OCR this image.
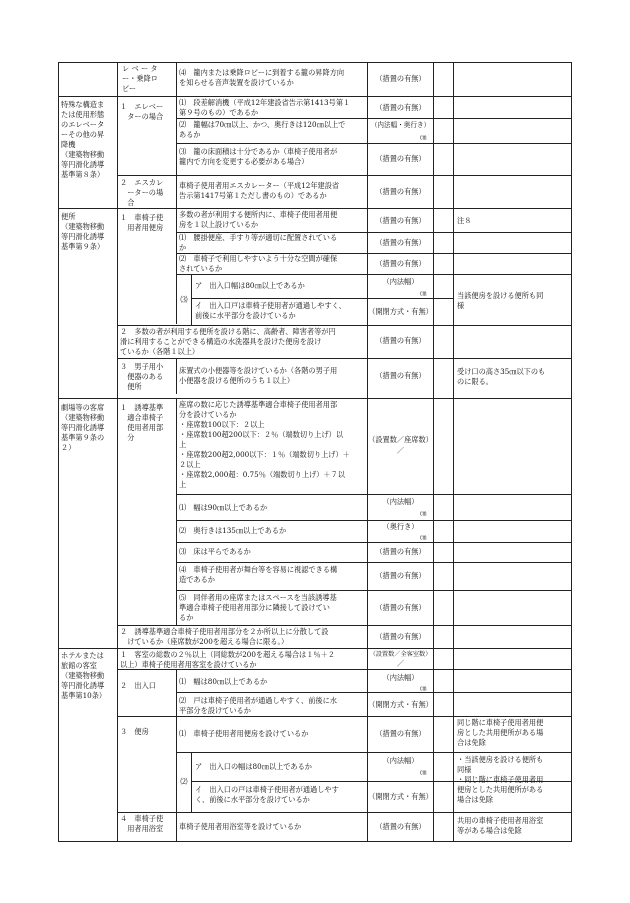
特殊な構造ま
たは使用形態
のエレベータ
ーその他の昇
降機
（建築物移動
等円滑化誘導
基準第８条）
便所
（建築物移動
等円滑化誘導
基準第９条）
劇場等の客席
（建築物移動
等円滑化誘導
基準第９条の
２）
ホテルまたは
旅館の客室
（建築物移動
等円滑化誘導
基準第10条）
レ ベ ー タ
ー・乗降ロ
ビー
１　エレベー
　ターの場合
２　エスカレ
　ーターの場
　合
１　車椅子使
　用者用便房
２　多数の者が利用する便所を設ける階に、高齢者、障害者等が円
滑に利用することができる構造の水洗器具を設けた便房を設け
ているか（各階１以上）
３　男子用小
　便器のある
　便所
１　誘導基準
　適合車椅子
　使用者用部
　分
２　誘導基準適合車椅子使用者用部分を２か所以上に分散して設
　けているか（座席数が200を超える場合に限る。）
１　客室の総数の２％以上（同総数が200を超える場合は１％＋２
以上）車椅子使用者用客室を設けているか
２　出入口
３　便房
４　車椅子使
　用者用浴室
⑷　籠内または乗降ロビーに到着する籠の昇降方向
を知らせる音声装置を設けているか
⑴　段差解消機（平成12年建設省告示第1413号第１
第９号のもの）であるか
⑵　籠幅は70㎝以上、かつ、奥行きは120㎝以上で
あるか
⑶　籠の床面積は十分であるか（車椅子使用者が
籠内で方向を変更する必要がある場合）
車椅子使用者用エスカレーター（平成12年建設省
告示第1417号第１ただし書のもの）であるか
多数の者が利用する便所内に、車椅子使用者用便
房を１以上設けているか
⑴　腰掛便座、手すり等が適切に配置されている
か
⑵　車椅子で利用しやすいよう十分な空間が確保
されているか
⑶
ア　出入口幅は80㎝以上であるか
イ　出入口戸は車椅子使用者が通過しやすく、
前後に水平部分を設けているか
床置式の小便器等を設けているか（各階の男子用
小便器を設ける便所のうち１以上）
座席の数に応じた誘導基準適合車椅子使用者用部
分を設けているか
・座席数100以下：２以上
・座席数100超200以下：２％（端数切り上げ）以
上
・座席数200超2,000以下：１％（端数切り上げ）＋
２以上
・座席数2,000超：0.75％（端数切り上げ）＋７以
上
⑴　幅は90㎝以上であるか
⑵　奥行きは135㎝以上であるか
⑶　床は平らであるか
⑷　車椅子使用者が舞台等を容易に視認できる構
造であるか
⑸　同伴者用の座席またはスペースを当該誘導基
準適合車椅子使用者用部分に隣接して設けてい
るか
⑴　幅は80㎝以上であるか
⑵　戸は車椅子使用者が通過しやすく、前後に水
平部分を設けているか
⑴　車椅子使用者用便房を設けているか
⑵
ア　出入口の幅は80㎝以上であるか
イ　出入口の戸は車椅子使用者が通過しやす
く、前後に水平部分を設けているか
車椅子使用者用浴室等を設けているか
（措置の有無）
（措置の有無）
（内法幅・奥行き）
㎝
（措置の有無）
（措置の有無）
（措置の有無）
（措置の有無）
（措置の有無）
（内法幅）
㎝
（開閉方式・有無）
（措置の有無）
（措置の有無）
（設置数／座席数）
／
（内法幅）
㎝
（奥行き）
㎝
（措置の有無）
（措置の有無）
（措置の有無）
（措置の有無）
（設置数／全客室数）
／
（内法幅）
㎝
（開閉方式・有無）
（措置の有無）
（内法幅）
㎝
（開閉方式・有無）
（措置の有無）
注８
当該便房を設ける便所も同
様
受け口の高さ35㎝以下のも
のに限る。
同じ階に車椅子使用者用便
房とした共用便所がある場
合は免除
・当該便房を設ける便所も
同様
・同じ階に車椅子使用者用
便房とした共用便所がある
場合は免除
共用の車椅子使用者用浴室
等がある場合は免除
